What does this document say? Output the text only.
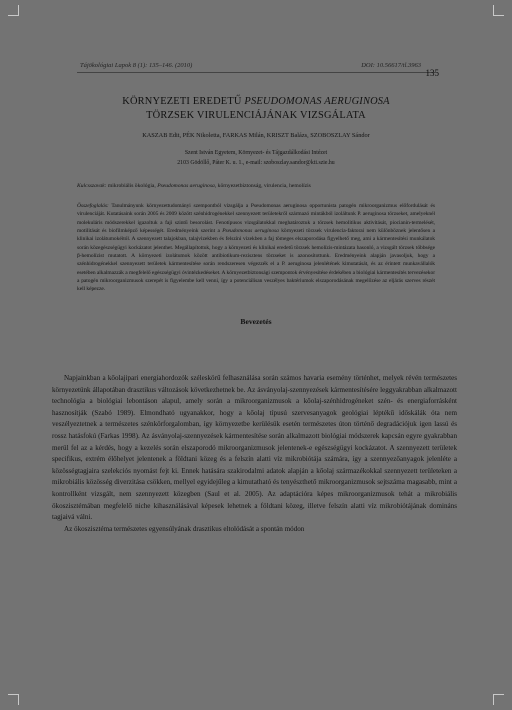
Tájökológiai Lapok 8 (1): 135–146. (2010)	DOI: 10.56617/tl.3963
135
KÖRNYEZETI EREDETŰ PSEUDOMONAS AERUGINOSA
TÖRZSEK VIRULENCIÁJÁNAK VIZSGÁLATA
KASZAB Edit, PÉK Nikoletta, FARKAS Milán, KRISZT Balázs, SZOBOSZLAY Sándor
Szent István Egyetem, Környezet- és Tájgazdálkodási Intézet
2103 Gödöllő, Páter K. u. 1., e-mail: szoboszlay.sandor@kti.szie.hu
Kulcsszavak: mikrobiális ökológia, Pseudomonas aeruginosa, környezetbiztonság, virulencia, hemolízis
Összefoglalás: Tanulmányunk környezettudományi szempontból vizsgálja a Pseudomonas aeruginosa opportunista patogén mikroorganizmus előfordulását és virulenciáját. Kutatásaink során 2005 és 2009 között szénhidrogénekkel szennyezett területekről származó mintákból izoláltunk P. aeruginosa törzseket, amelyeknél molekuláris módszerekkel igazoltuk a faji szintű besorolást. Fenotípusos vizsgálatokkal meghatároztuk a törzsek hemolitikus aktivitását, piocianin-termelését, motilitását és biofilmképző képességét. Eredményeink szerint a Pseudomonas aeruginosa környezeti törzsek virulencia-faktorai nem különböznek jelentősen a klinikai izolátumokéitól. A szennyezett talajokban, talajvizekben és felszíni vizekben a faj tömeges elszaporodása figyelhető meg, ami a kármentesítési munkálatok során közegészségügyi kockázatot jelenthet. Megállapítottuk, hogy a környezeti és klinikai eredetű törzsek hemolízis-mintázata hasonló, a vizsgált törzsek többsége β-hemolízist mutatott. A környezeti izolátumok között antibiotikum-rezisztens törzseket is azonosítottunk. Eredményeink alapján javasoljuk, hogy a szénhidrogénekkel szennyezett területek kármentesítése során rendszeresen végezzék el a P. aeruginosa jelenlétének kimutatását, és az érintett munkavállalók esetében alkalmazzák a megfelelő egészségügyi óvintézkedéseket. A környezetbiztonsági szempontok érvényesítése érdekében a biológiai kármentesítés tervezésekor a patogén mikroorganizmusok szerepét is figyelembe kell venni, így a potenciálisan veszélyes baktériumok elszaporodásának megelőzése az eljárás szerves részét kell képezze.
Bevezetés

Napjainkban a kőolajipari energiahordozók széleskörű felhasználása során számos havaria esemény történhet, melyek révén természetes környezetünk állapotában drasztikus változások következhetnek be. Az ásványolaj-szennyezések kármentesítésére leggyakrabban alkalmazott technológia a biológiai lebontáson alapul, amely során a mikroorganizmusok a kőolaj-szénhidrogéneket szén- és energiaforrásként hasznosítják (Szabó 1989). Elmondható ugyanakkor, hogy a kőolaj típusú szervesanyagok geológiai léptékű időskálák óta nem veszélyeztetnek a természetes szénkörforgalomban, így környezetbe kerülésük esetén természetes úton történő degradációjuk igen lassú és rossz hatásfokú (Farkas 1998). Az ásványolaj-szennyezések kármentesítése során alkalmazott biológiai módszerek kapcsán egyre gyakrabban merül fel az a kérdés, hogy a kezelés során elszaporodó mikroorganizmusok jelentenek-e egészségügyi kockázatot. A szennyezett területek specifikus, extrém élőhelyet jelentenek a földtani közeg és a felszín alatti víz mikrobiótája számára, így a szennyezőanyagok jelenléte a közösségtagjaira szelekciós nyomást fejt ki. Ennek hatására szakirodalmi adatok alapján a kőolaj származékokkal szennyezett területeken a mikrobiális közösség diverzitása csökken, mellyel egyidejűleg a kimutatható és tenyészthető mikroorganizmusok sejtszáma magasabb, mint a kontrollként vizsgált, nem szennyezett közegben (Saul et al. 2005). Az adaptációra képes mikroorganizmusok tehát a mikrobiális ökoszisztémában megfelelő niche kihasználásával képesek lehetnek a földtani közeg, illetve felszín alatti víz mikrobiótájának domináns tagjaivá válni.

Az ökoszisztéma természetes egyensúlyának drasztikus eltolódását a spontán módon
